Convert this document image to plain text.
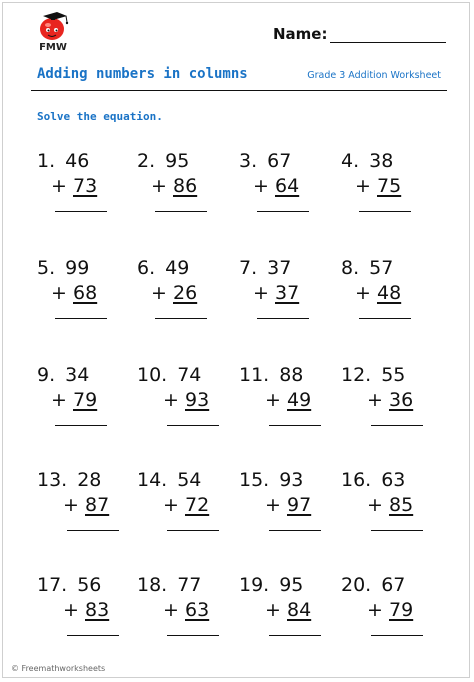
FMW
Name:
Adding numbers in columns	Grade 3 Addition Worksheet
Solve the equation.
1. 46
+ 73
2. 95
+ 86
3. 67
+ 64
4. 38
+ 75
5. 99
+ 68
6. 49
+ 26
7. 37
+ 37
8. 57
+ 48
9. 34
+ 79
10. 74
+ 93
11. 88
+ 49
12. 55
+ 36
13. 28
+ 87
14. 54
+ 72
15. 93
+ 97
16. 63
+ 85
17. 56
+ 83
18. 77
+ 63
19. 95
+ 84
20. 67
+ 79
© Freemathworksheets
